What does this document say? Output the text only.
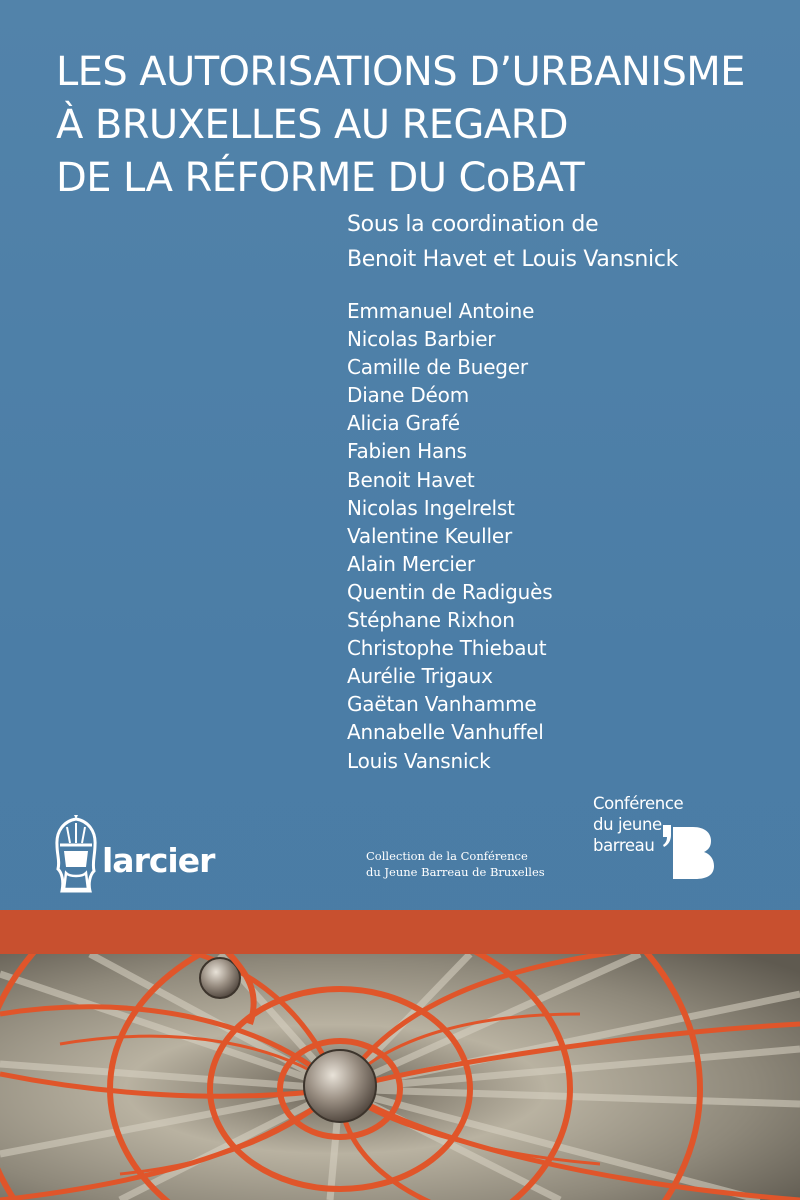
LES AUTORISATIONS D’URBANISME
À BRUXELLES AU REGARD
DE LA RÉFORME DU CoBAT
Sous la coordination de
Benoit Havet et Louis Vansnick
Emmanuel Antoine
Nicolas Barbier
Camille de Bueger
Diane Déom
Alicia Grafé
Fabien Hans
Benoit Havet
Nicolas Ingelrelst
Valentine Keuller
Alain Mercier
Quentin de Radiguès
Stéphane Rixhon
Christophe Thiebaut
Aurélie Trigaux
Gaëtan Vanhamme
Annabelle Vanhuffel
Louis Vansnick
larcier	Collection de la Conférence
du Jeune Barreau de Bruxelles
Conférence
du jeune
barreau
